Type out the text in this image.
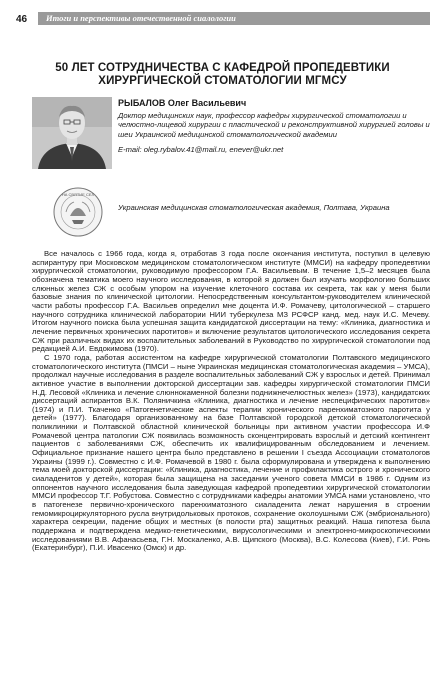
46	Итоги и перспективы отечественной сиалологии
50 ЛЕТ СОТРУДНИЧЕСТВА С КАФЕДРОЙ ПРОПЕДЕВТИКИ
ХИРУРГИЧЕСКОЙ СТОМАТОЛОГИИ МГМСУ
РЫБАЛОВ Олег Васильевич
Доктор медицинских наук, профессор кафедры хирургической стоматологии и челюстно-лицевой хирургии с пластической и реконструктивной хирургией головы и шеи Украинской медицинской стоматологической академии
E-mail: oleg.rybalov.41@mail.ru, enever@ukr.net
НА СВЯТИЕ СЕЛ
Украинская медицинская стоматологическая академия, Полтава, Украина

Все началось с 1966 года, когда я, отработав 3 года после окончания института, поступил в целевую аспирантуру при Московском медицинском стоматологическом институте (ММСИ) на кафедру пропедевтики хирургической стоматологии, руководимую профессором Г.А. Васильевым. В течение 1,5–2 месяцев была обозначена тематика моего научного исследования, в которой я должен был изучать морфологию больших слюнных желез СЖ с особым упором на изучение клеточного состава их секрета, так как у меня были базовые знания по клинической цитологии. Непосредственным консультантом-руководителем клинической части работы профессор Г.А. Васильев определил мне доцента И.Ф. Ромачеву, цитологической – старшего научного сотрудника клинической лаборатории НИИ туберкулеза МЗ РСФСР канд. мед. наук И.С. Мечеву. Итогом научного поиска была успешная защита кандидатской диссертации на тему: «Клиника, диагностика и лечение первичных хронических паротитов» и включение результатов цитологического исследования секрета СЖ при различных видах их воспалительных заболеваний в Руководство по хирургической стоматологии под редакцией А.И. Евдокимова (1970).

С 1970 года, работая ассистентом на кафедре хирургической стоматологии Полтавского медицинского стоматологического института (ПМСИ – ныне Украинская медицинская стоматологическая академия – УМСА), продолжал научные исследования в разделе воспалительных заболеваний СЖ у взрослых и детей. Принимал активное участие в выполнении докторской диссертации зав. кафедры хирургической стоматологии ПМСИ Н.Д. Лесовой «Клиника и лечение слюннокаменной болезни поднижнечелюстных желез» (1973), кандидатских диссертаций аспирантов В.К. Поляничкина «Клиника, диагностика и лечение неспецифических паротитов» (1974) и П.И. Ткаченко «Патогенетические аспекты терапии хронического паренхиматозного паротита у детей» (1977). Благодаря организованному на базе Полтавской городской детской стоматологической поликлиники и Полтавской областной клинической больницы при активном участии профессора И.Ф Ромачевой центра патологии СЖ появилась возможность сконцентрировать взрослый и детский контингент пациентов с заболеваниями СЖ, обеспечить их квалифицированным обследованием и лечением. Официальное признание нашего центра было представлено в решении I съезда Ассоциации стоматологов Украины (1999 г.). Совместно с И.Ф. Ромачевой в 1980 г. была сформулирована и утверждена к выполнению тема моей докторской диссертации: «Клиника, диагностика, лечение и профилактика острого и хронического сиаладенитов у детей», которая была защищена на заседании ученого совета ММСИ в 1986 г. Одним из оппонентов научного исследования была заведующая кафедрой пропедевтики хирургической стоматологии ММСИ профессор Т.Г. Робустова. Совместно с сотрудниками кафедры анатомии УМСА нами установлено, что в патогенезе первично-хронического паренхиматозного сиаладенита лежат нарушения в строении гемомикроциркуляторного русла внутридольковых протоков, сохранение околоушными СЖ (эмбрионального) характера секреции, падение общих и местных (в полости рта) защитных реакций. Наша гипотеза была поддержана и подтверждена медико-генетическими, вирусологическими и электронно-микроскопическими исследованиями В.В. Афанасьева, Г.Н. Москаленко, А.В. Щипского (Москва), В.С. Колесова (Киев), Г.И. Ронь (Екатеринбург), П.И. Ивасенко (Омск) и др.
